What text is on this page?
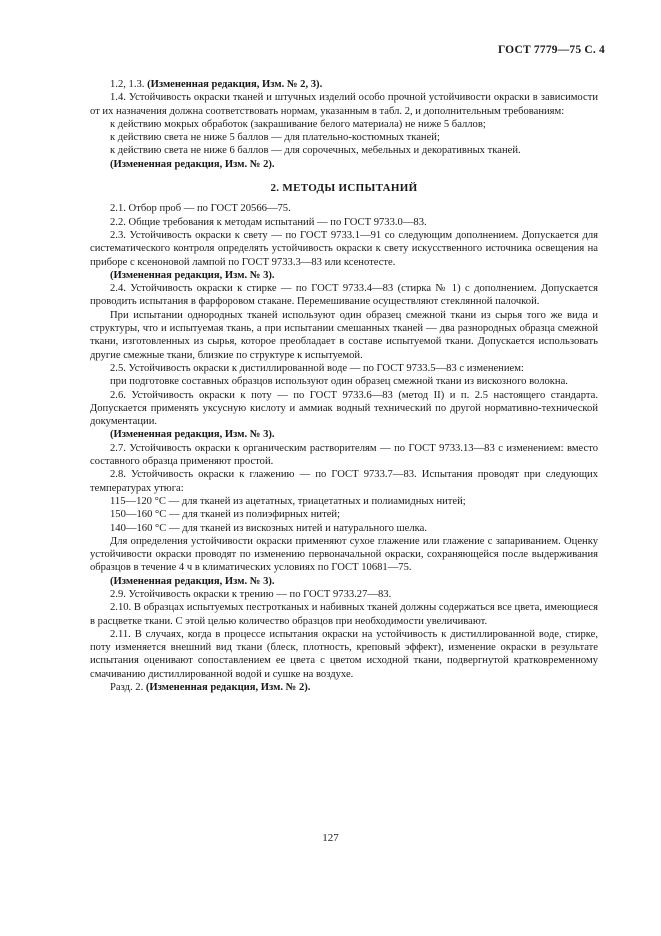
ГОСТ 7779—75 С. 4

1.2, 1.3. (Измененная редакция, Изм. № 2, 3).

1.4. Устойчивость окраски тканей и штучных изделий особо прочной устойчивости окраски в зависимости от их назначения должна соответствовать нормам, указанным в табл. 2, и дополнительным требованиям:

к действию мокрых обработок (закрашивание белого материала) не ниже 5 баллов;

к действию света не ниже 5 баллов — для плательно-костюмных тканей;

к действию света не ниже 6 баллов — для сорочечных, мебельных и декоративных тканей.

(Измененная редакция, Изм. № 2).

2. МЕТОДЫ ИСПЫТАНИЙ

2.1. Отбор проб — по ГОСТ 20566—75.

2.2. Общие требования к методам испытаний — по ГОСТ 9733.0—83.

2.3. Устойчивость окраски к свету — по ГОСТ 9733.1—91 со следующим дополнением. Допускается для систематического контроля определять устойчивость окраски к свету искусственного источника освещения на приборе с ксеноновой лампой по ГОСТ 9733.3—83 или ксенотесте.

(Измененная редакция, Изм. № 3).

2.4. Устойчивость окраски к стирке — по ГОСТ 9733.4—83 (стирка № 1) с дополнением. Допускается проводить испытания в фарфоровом стакане. Перемешивание осуществляют стеклянной палочкой.

При испытании однородных тканей используют один образец смежной ткани из сырья того же вида и структуры, что и испытуемая ткань, а при испытании смешанных тканей — два разнородных образца смежной ткани, изготовленных из сырья, которое преобладает в составе испытуемой ткани. Допускается использовать другие смежные ткани, близкие по структуре к испытуемой.

2.5. Устойчивость окраски к дистиллированной воде — по ГОСТ 9733.5—83 с изменением:

при подготовке составных образцов используют один образец смежной ткани из вискозного волокна.

2.6. Устойчивость окраски к поту — по ГОСТ 9733.6—83 (метод II) и п. 2.5 настоящего стандарта. Допускается применять уксусную кислоту и аммиак водный технический по другой нормативно-технической документации.

(Измененная редакция, Изм. № 3).

2.7. Устойчивость окраски к органическим растворителям — по ГОСТ 9733.13—83 с изменением: вместо составного образца применяют простой.

2.8. Устойчивость окраски к глажению — по ГОСТ 9733.7—83. Испытания проводят при следующих температурах утюга:

115—120 °С — для тканей из ацетатных, триацетатных и полиамидных нитей;

150—160 °С — для тканей из полиэфирных нитей;

140—160 °С — для тканей из вискозных нитей и натурального шелка.

Для определения устойчивости окраски применяют сухое глажение или глажение с запариванием. Оценку устойчивости окраски проводят по изменению первоначальной окраски, сохраняющейся после выдерживания образцов в течение 4 ч в климатических условиях по ГОСТ 10681—75.

(Измененная редакция, Изм. № 3).

2.9. Устойчивость окраски к трению — по ГОСТ 9733.27—83.

2.10. В образцах испытуемых пестротканых и набивных тканей должны содержаться все цвета, имеющиеся в расцветке ткани. С этой целью количество образцов при необходимости увеличивают.

2.11. В случаях, когда в процессе испытания окраски на устойчивость к дистиллированной воде, стирке, поту изменяется внешний вид ткани (блеск, плотность, креповый эффект), изменение окраски в результате испытания оценивают сопоставлением ее цвета с цветом исходной ткани, подвергнутой кратковременному смачиванию дистиллированной водой и сушке на воздухе.

Разд. 2. (Измененная редакция, Изм. № 2).

127
